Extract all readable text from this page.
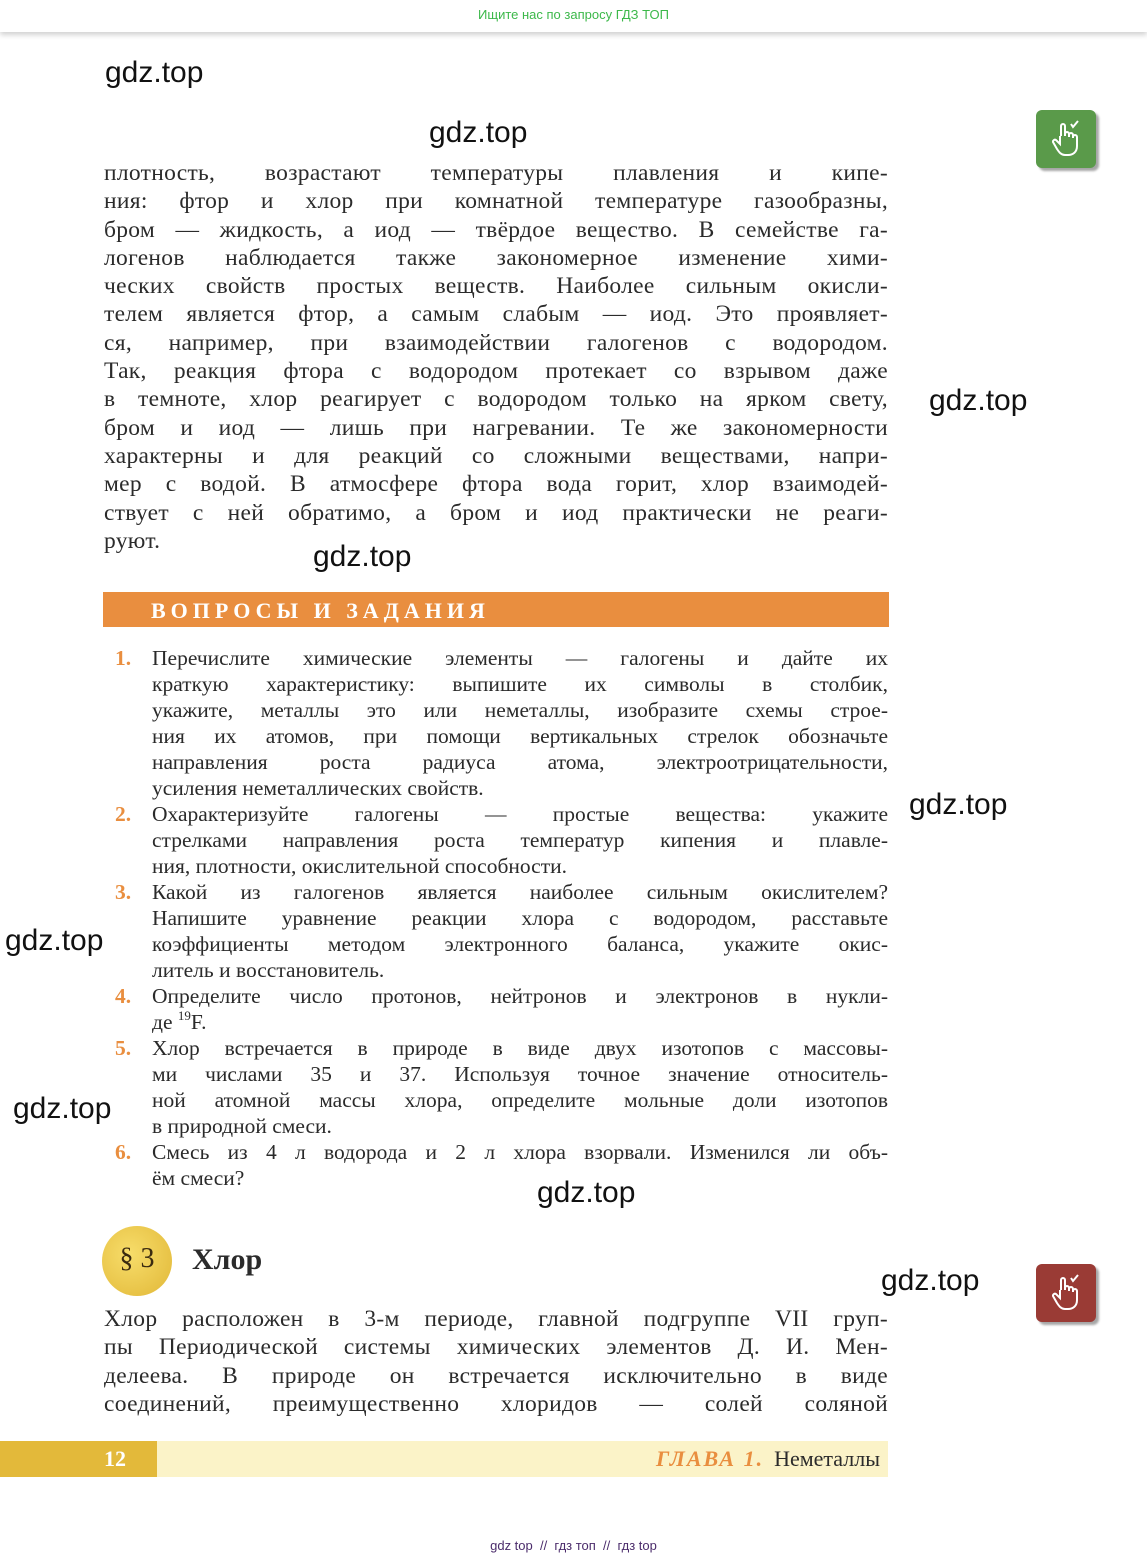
Ищите нас по запросу ГДЗ ТОП
gdz.top
gdz.top
gdz.top
gdz.top
gdz.top
gdz.top
gdz.top
gdz.top
gdz.top
плотность, возрастают температуры плавления и кипе-
ния: фтор и хлор при комнатной температуре газообразны,
бром — жидкость, а иод — твёрдое вещество. В семействе га-
логенов наблюдается также закономерное изменение хими-
ческих свойств простых веществ. Наиболее сильным окисли-
телем является фтор, а самым слабым — иод. Это проявляет-
ся, например, при взаимодействии галогенов с водородом.
Так, реакция фтора с водородом протекает со взрывом даже
в темноте, хлор реагирует с водородом только на ярком свету,
бром и иод — лишь при нагревании. Те же закономерности
характерны и для реакций со сложными веществами, напри-
мер с водой. В атмосфере фтора вода горит, хлор взаимодей-
ствует с ней обратимо, а бром и иод практически не реаги-
руют.
ВОПРОСЫ И ЗАДАНИЯ
1. Перечислите химические элементы — галогены и дайте их
краткую характеристику: выпишите их символы в столбик,
укажите, металлы это или неметаллы, изобразите схемы строе-
ния их атомов, при помощи вертикальных стрелок обозначьте
направления роста радиуса атома, электроотрицательности,
усиления неметаллических свойств.
2. Охарактеризуйте галогены — простые вещества: укажите
стрелками направления роста температур кипения и плавле-
ния, плотности, окислительной способности.
3. Какой из галогенов является наиболее сильным окислителем?
Напишите уравнение реакции хлора с водородом, расставьте
коэффициенты методом электронного баланса, укажите окис-
литель и восстановитель.
4. Определите число протонов, нейтронов и электронов в нукли-
де $^{19}$F.
5. Хлор встречается в природе в виде двух изотопов с массовы-
ми числами 35 и 37. Используя точное значение относитель-
ной атомной массы хлора, определите мольные доли изотопов
в природной смеси.
6. Смесь из 4 л водорода и 2 л хлора взорвали. Изменился ли объ-
ём смеси?
§ 3	Хлор
Хлор расположен в 3-м периоде, главной подгруппе VII груп-
пы Периодической системы химических элементов Д. И. Мен-
делеева. В природе он встречается исключительно в виде
соединений, преимущественно хлоридов — солей соляной
12	ГЛАВА 1. Неметаллы
gdz top  //  гдз топ  //  гдз top
